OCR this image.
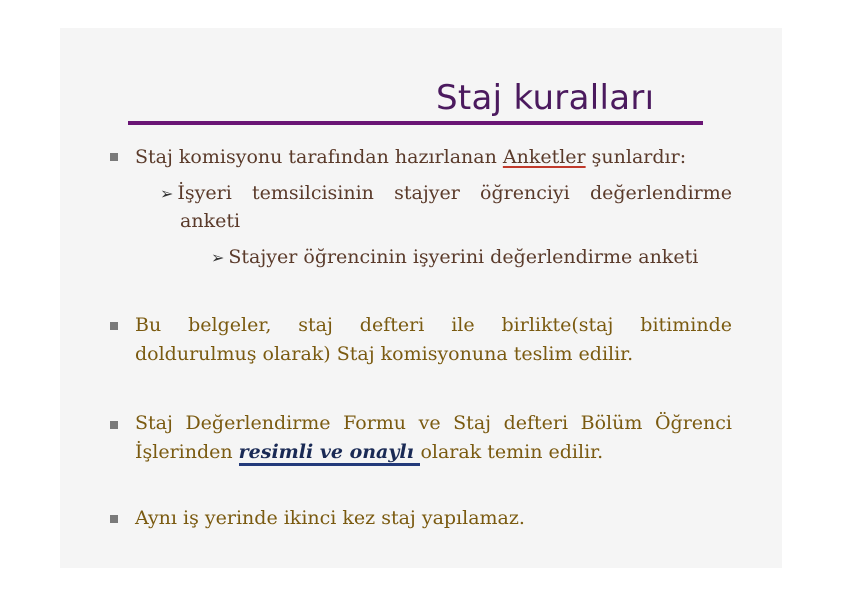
Staj kuralları
Staj komisyonu tarafından hazırlanan Anketler şunlardır:
➢ İşyeri temsilcisinin stajyer öğrenciyi değerlendirme
anketi
➢ Stajyer öğrencinin işyerini değerlendirme anketi
Bu belgeler, staj defteri ile birlikte(staj bitiminde
doldurulmuş olarak) Staj komisyonuna teslim edilir.
Staj Değerlendirme Formu ve Staj defteri Bölüm Öğrenci
İşlerinden resimli ve onaylı olarak temin edilir.
Aynı iş yerinde ikinci kez staj yapılamaz.
